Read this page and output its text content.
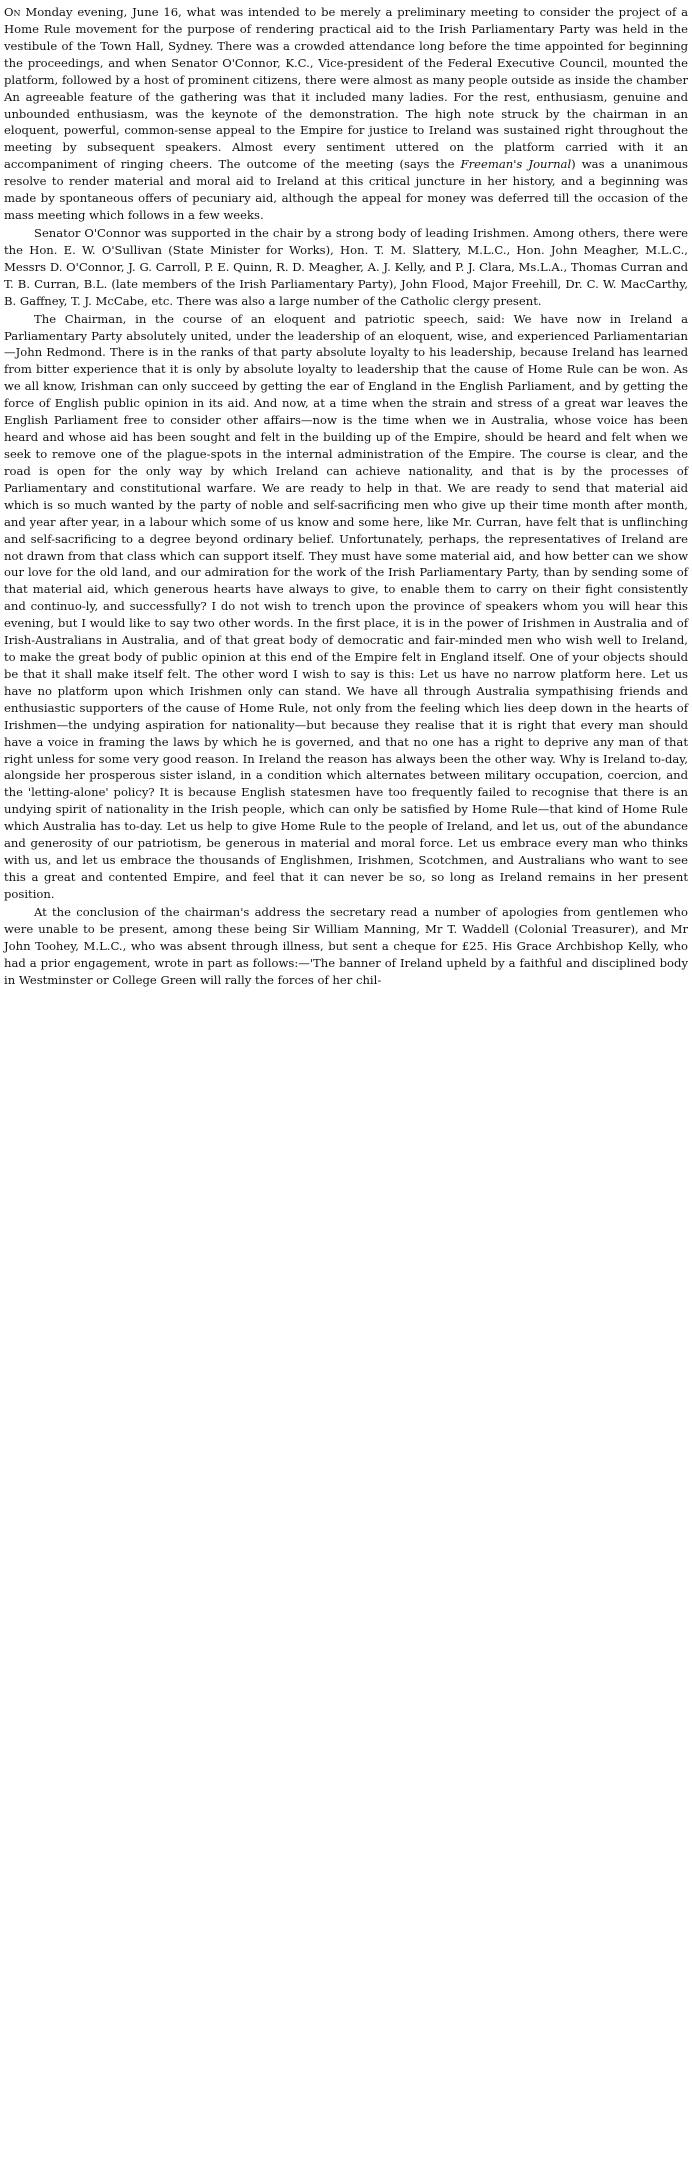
On Monday evening, June 16, what was intended to be merely a preliminary meeting to consider the project of a Home Rule movement for the purpose of rendering practical aid to the Irish Parliamentary Party was held in the vestibule of the Town Hall, Sydney. There was a crowded attendance long before the time appointed for beginning the proceedings, and when Senator O'Connor, K.C., Vice-president of the Federal Executive Council, mounted the platform, followed by a host of prominent citizens, there were almost as many people outside as inside the chamber An agreeable feature of the gathering was that it included many ladies. For the rest, enthusiasm, genuine and unbounded enthusiasm, was the keynote of the demonstration. The high note struck by the chairman in an eloquent, powerful, common-sense appeal to the Empire for justice to Ireland was sustained right throughout the meeting by subsequent speakers. Almost every sentiment uttered on the platform carried with it an accompaniment of ringing cheers. The outcome of the meeting (says the Freeman's Journal) was a unanimous resolve to render material and moral aid to Ireland at this critical juncture in her history, and a beginning was made by spontaneous offers of pecuniary aid, although the appeal for money was deferred till the occasion of the mass meeting which follows in a few weeks.

Senator O'Connor was supported in the chair by a strong body of leading Irishmen. Among others, there were the Hon. E. W. O'Sullivan (State Minister for Works), Hon. T. M. Slattery, M.L.C., Hon. John Meagher, M.L.C., Messrs D. O'Connor, J. G. Carroll, P. E. Quinn, R. D. Meagher, A. J. Kelly, and P. J. Clara, Ms.L.A., Thomas Curran and T. B. Curran, B.L. (late members of the Irish Parliamentary Party), John Flood, Major Freehill, Dr. C. W. MacCarthy, B. Gaffney, T. J. McCabe, etc. There was also a large number of the Catholic clergy present.

The Chairman, in the course of an eloquent and patriotic speech, said: We have now in Ireland a Parliamentary Party absolutely united, under the leadership of an eloquent, wise, and experienced Parliamentarian—John Redmond. There is in the ranks of that party absolute loyalty to his leadership, because Ireland has learned from bitter experience that it is only by absolute loyalty to leadership that the cause of Home Rule can be won. As we all know, Irishman can only succeed by getting the ear of England in the English Parliament, and by getting the force of English public opinion in its aid. And now, at a time when the strain and stress of a great war leaves the English Parliament free to consider other affairs—now is the time when we in Australia, whose voice has been heard and whose aid has been sought and felt in the building up of the Empire, should be heard and felt when we seek to remove one of the plague-spots in the internal administration of the Empire. The course is clear, and the road is open for the only way by which Ireland can achieve nationality, and that is by the processes of Parliamentary and constitutional warfare. We are ready to help in that. We are ready to send that material aid which is so much wanted by the party of noble and self-sacrificing men who give up their time month after month, and year after year, in a labour which some of us know and some here, like Mr. Curran, have felt that is unflinching and self-sacrificing to a degree beyond ordinary belief. Unfortunately, perhaps, the representatives of Ireland are not drawn from that class which can support itself. They must have some material aid, and how better can we show our love for the old land, and our admiration for the work of the Irish Parliamentary Party, than by sending some of that material aid, which generous hearts have always to give, to enable them to carry on their fight consistently and continuo-ly, and successfully? I do not wish to trench upon the province of speakers whom you will hear this evening, but I would like to say two other words. In the first place, it is in the power of Irishmen in Australia and of Irish-Australians in Australia, and of that great body of democratic and fair-minded men who wish well to Ireland, to make the great body of public opinion at this end of the Empire felt in England itself. One of your objects should be that it shall make itself felt. The other word I wish to say is this: Let us have no narrow platform here. Let us have no platform upon which Irishmen only can stand. We have all through Australia sympathising friends and enthusiastic supporters of the cause of Home Rule, not only from the feeling which lies deep down in the hearts of Irishmen—the undying aspiration for nationality—but because they realise that it is right that every man should have a voice in framing the laws by which he is governed, and that no one has a right to deprive any man of that right unless for some very good reason. In Ireland the reason has always been the other way. Why is Ireland to-day, alongside her prosperous sister island, in a condition which alternates between military occupation, coercion, and the 'letting-alone' policy? It is because English statesmen have too frequently failed to recognise that there is an undying spirit of nationality in the Irish people, which can only be satisfied by Home Rule—that kind of Home Rule which Australia has to-day. Let us help to give Home Rule to the people of Ireland, and let us, out of the abundance and generosity of our patriotism, be generous in material and moral force. Let us embrace every man who thinks with us, and let us embrace the thousands of Englishmen, Irishmen, Scotchmen, and Australians who want to see this a great and contented Empire, and feel that it can never be so, so long as Ireland remains in her present position.

At the conclusion of the chairman's address the secretary read a number of apologies from gentlemen who were unable to be present, among these being Sir William Manning, Mr T. Waddell (Colonial Treasurer), and Mr John Toohey, M.L.C., who was absent through illness, but sent a cheque for £25. His Grace Archbishop Kelly, who had a prior engagement, wrote in part as follows:—'The banner of Ireland upheld by a faithful and disciplined body in Westminster or College Green will rally the forces of her chil-
